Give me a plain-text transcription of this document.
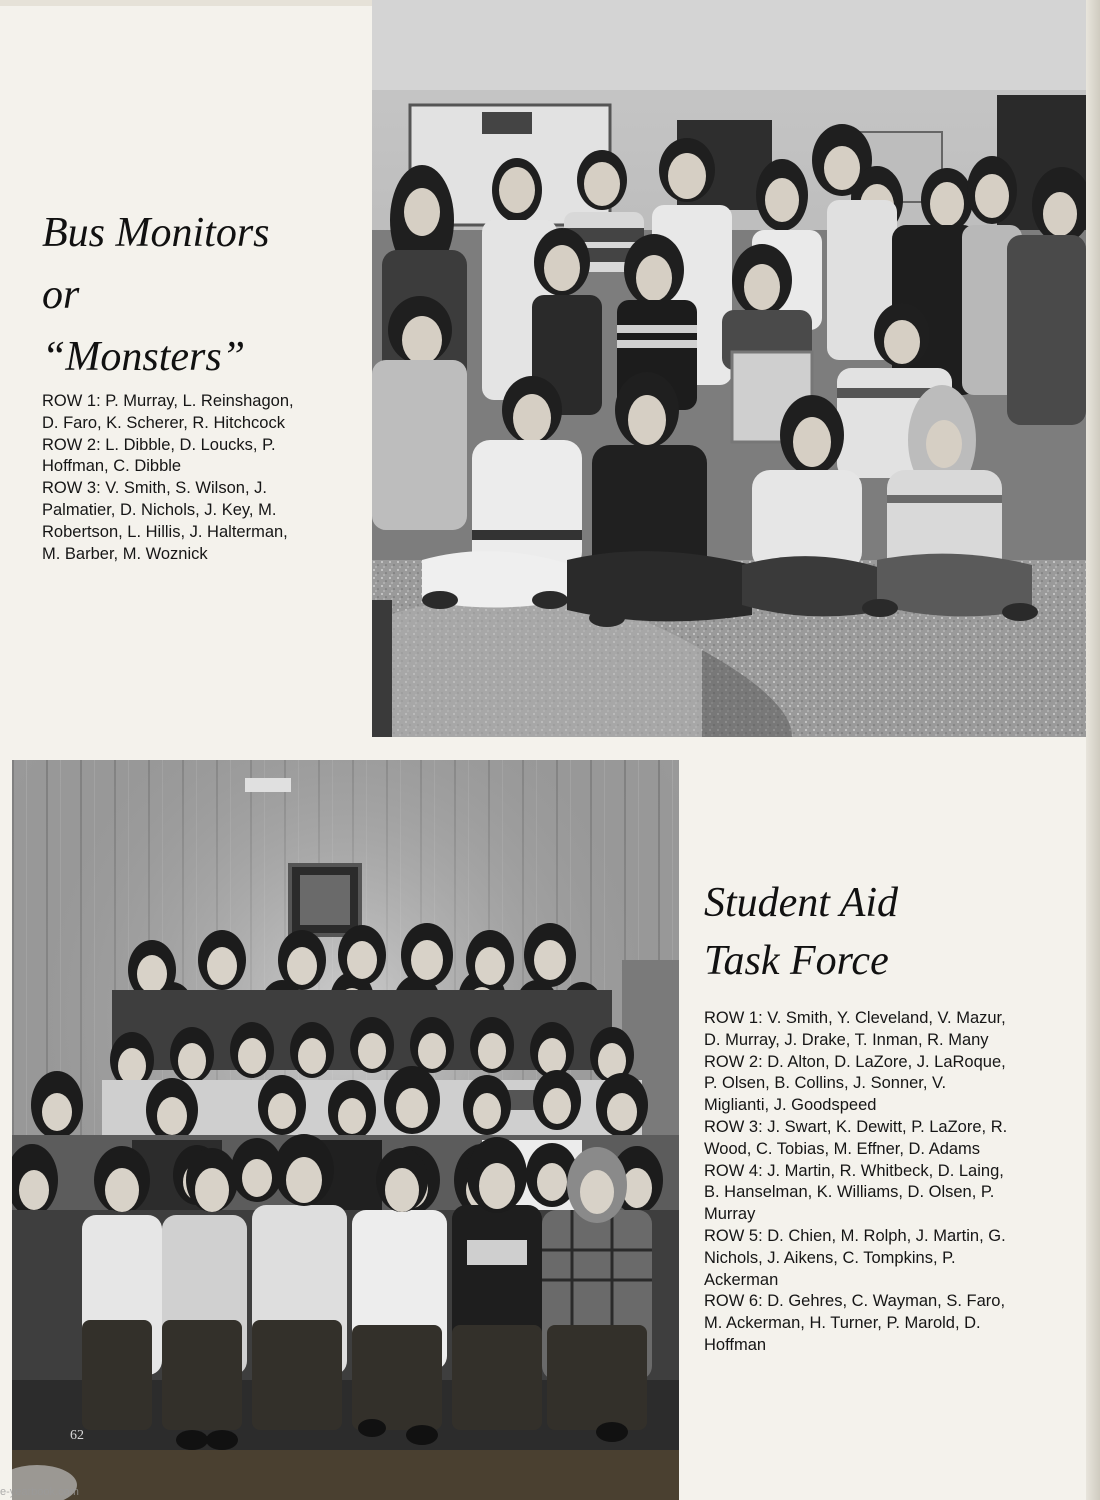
Bus Monitors
or
“Monsters”

ROW 1: P. Murray, L. Reinshagon,

D. Faro, K. Scherer, R. Hitchcock

ROW 2: L. Dibble, D. Loucks, P.

Hoffman, C. Dibble

ROW 3: V. Smith, S. Wilson, J.

Palmatier, D. Nichols, J. Key, M.

Robertson, L. Hillis, J. Halterman,

M. Barber, M. Woznick

Student Aid
Task Force

ROW 1: V. Smith, Y. Cleveland, V. Mazur,

D. Murray, J. Drake, T. Inman, R. Many

ROW 2: D. Alton, D. LaZore, J. LaRoque,

P. Olsen, B. Collins, J. Sonner, V.

Miglianti, J. Goodspeed

ROW 3: J. Swart, K. Dewitt, P. LaZore, R.

Wood, C. Tobias, M. Effner, D. Adams

ROW 4: J. Martin, R. Whitbeck, D. Laing,

B. Hanselman, K. Williams, D. Olsen, P.

Murray

ROW 5: D. Chien, M. Rolph, J. Martin, G.

Nichols, J. Aikens, C. Tompkins, P.

Ackerman

ROW 6: D. Gehres, C. Wayman, S. Faro,

M. Ackerman, H. Turner, P. Marold, D.

Hoffman

62
e-yearbook.com
